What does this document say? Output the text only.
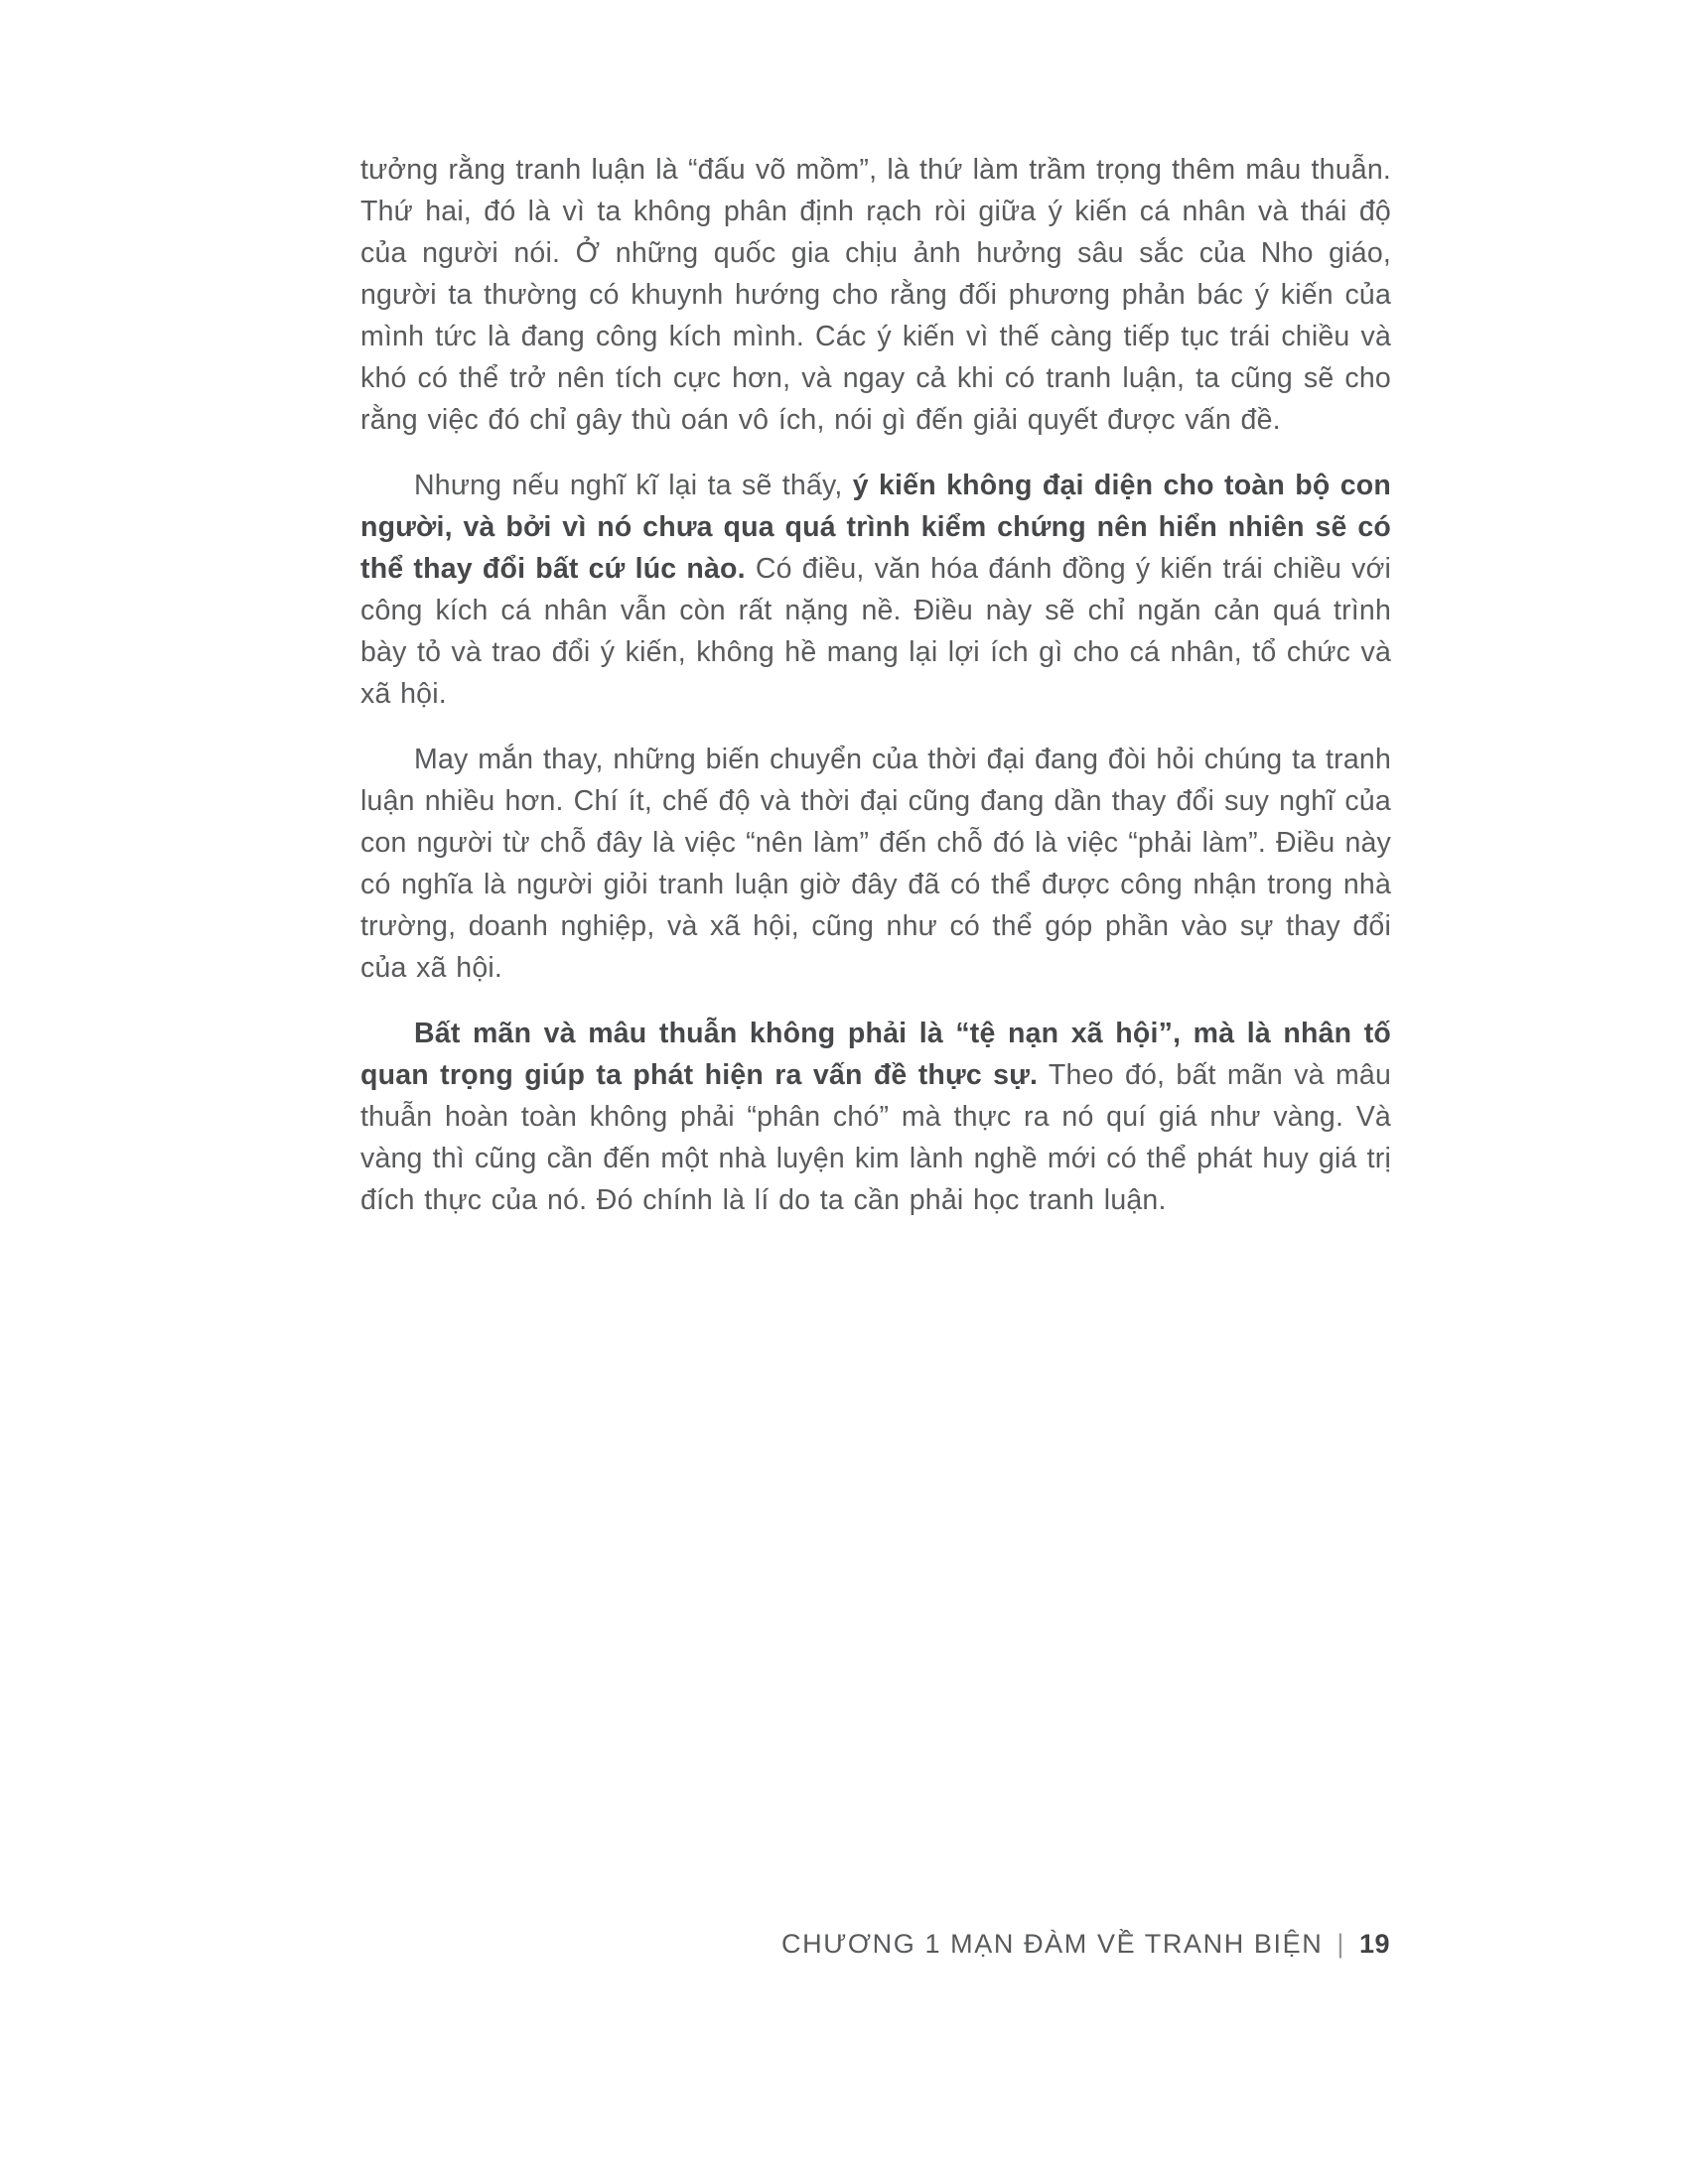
tưởng rằng tranh luận là “đấu võ mồm”, là thứ làm trầm trọng thêm mâu thuẫn. Thứ hai, đó là vì ta không phân định rạch ròi giữa ý kiến cá nhân và thái độ của người nói. Ở những quốc gia chịu ảnh hưởng sâu sắc của Nho giáo, người ta thường có khuynh hướng cho rằng đối phương phản bác ý kiến của mình tức là đang công kích mình. Các ý kiến vì thế càng tiếp tục trái chiều và khó có thể trở nên tích cực hơn, và ngay cả khi có tranh luận, ta cũng sẽ cho rằng việc đó chỉ gây thù oán vô ích, nói gì đến giải quyết được vấn đề.

Nhưng nếu nghĩ kĩ lại ta sẽ thấy, ý kiến không đại diện cho toàn bộ con người, và bởi vì nó chưa qua quá trình kiểm chứng nên hiển nhiên sẽ có thể thay đổi bất cứ lúc nào. Có điều, văn hóa đánh đồng ý kiến trái chiều với công kích cá nhân vẫn còn rất nặng nề. Điều này sẽ chỉ ngăn cản quá trình bày tỏ và trao đổi ý kiến, không hề mang lại lợi ích gì cho cá nhân, tổ chức và xã hội.

May mắn thay, những biến chuyển của thời đại đang đòi hỏi chúng ta tranh luận nhiều hơn. Chí ít, chế độ và thời đại cũng đang dần thay đổi suy nghĩ của con người từ chỗ đây là việc “nên làm” đến chỗ đó là việc “phải làm”. Điều này có nghĩa là người giỏi tranh luận giờ đây đã có thể được công nhận trong nhà trường, doanh nghiệp, và xã hội, cũng như có thể góp phần vào sự thay đổi của xã hội.

Bất mãn và mâu thuẫn không phải là “tệ nạn xã hội”, mà là nhân tố quan trọng giúp ta phát hiện ra vấn đề thực sự. Theo đó, bất mãn và mâu thuẫn hoàn toàn không phải “phân chó” mà thực ra nó quí giá như vàng. Và vàng thì cũng cần đến một nhà luyện kim lành nghề mới có thể phát huy giá trị đích thực của nó. Đó chính là lí do ta cần phải học tranh luận.

CHƯƠNG 1 MẠN ĐÀM VỀ TRANH BIỆN | 19
